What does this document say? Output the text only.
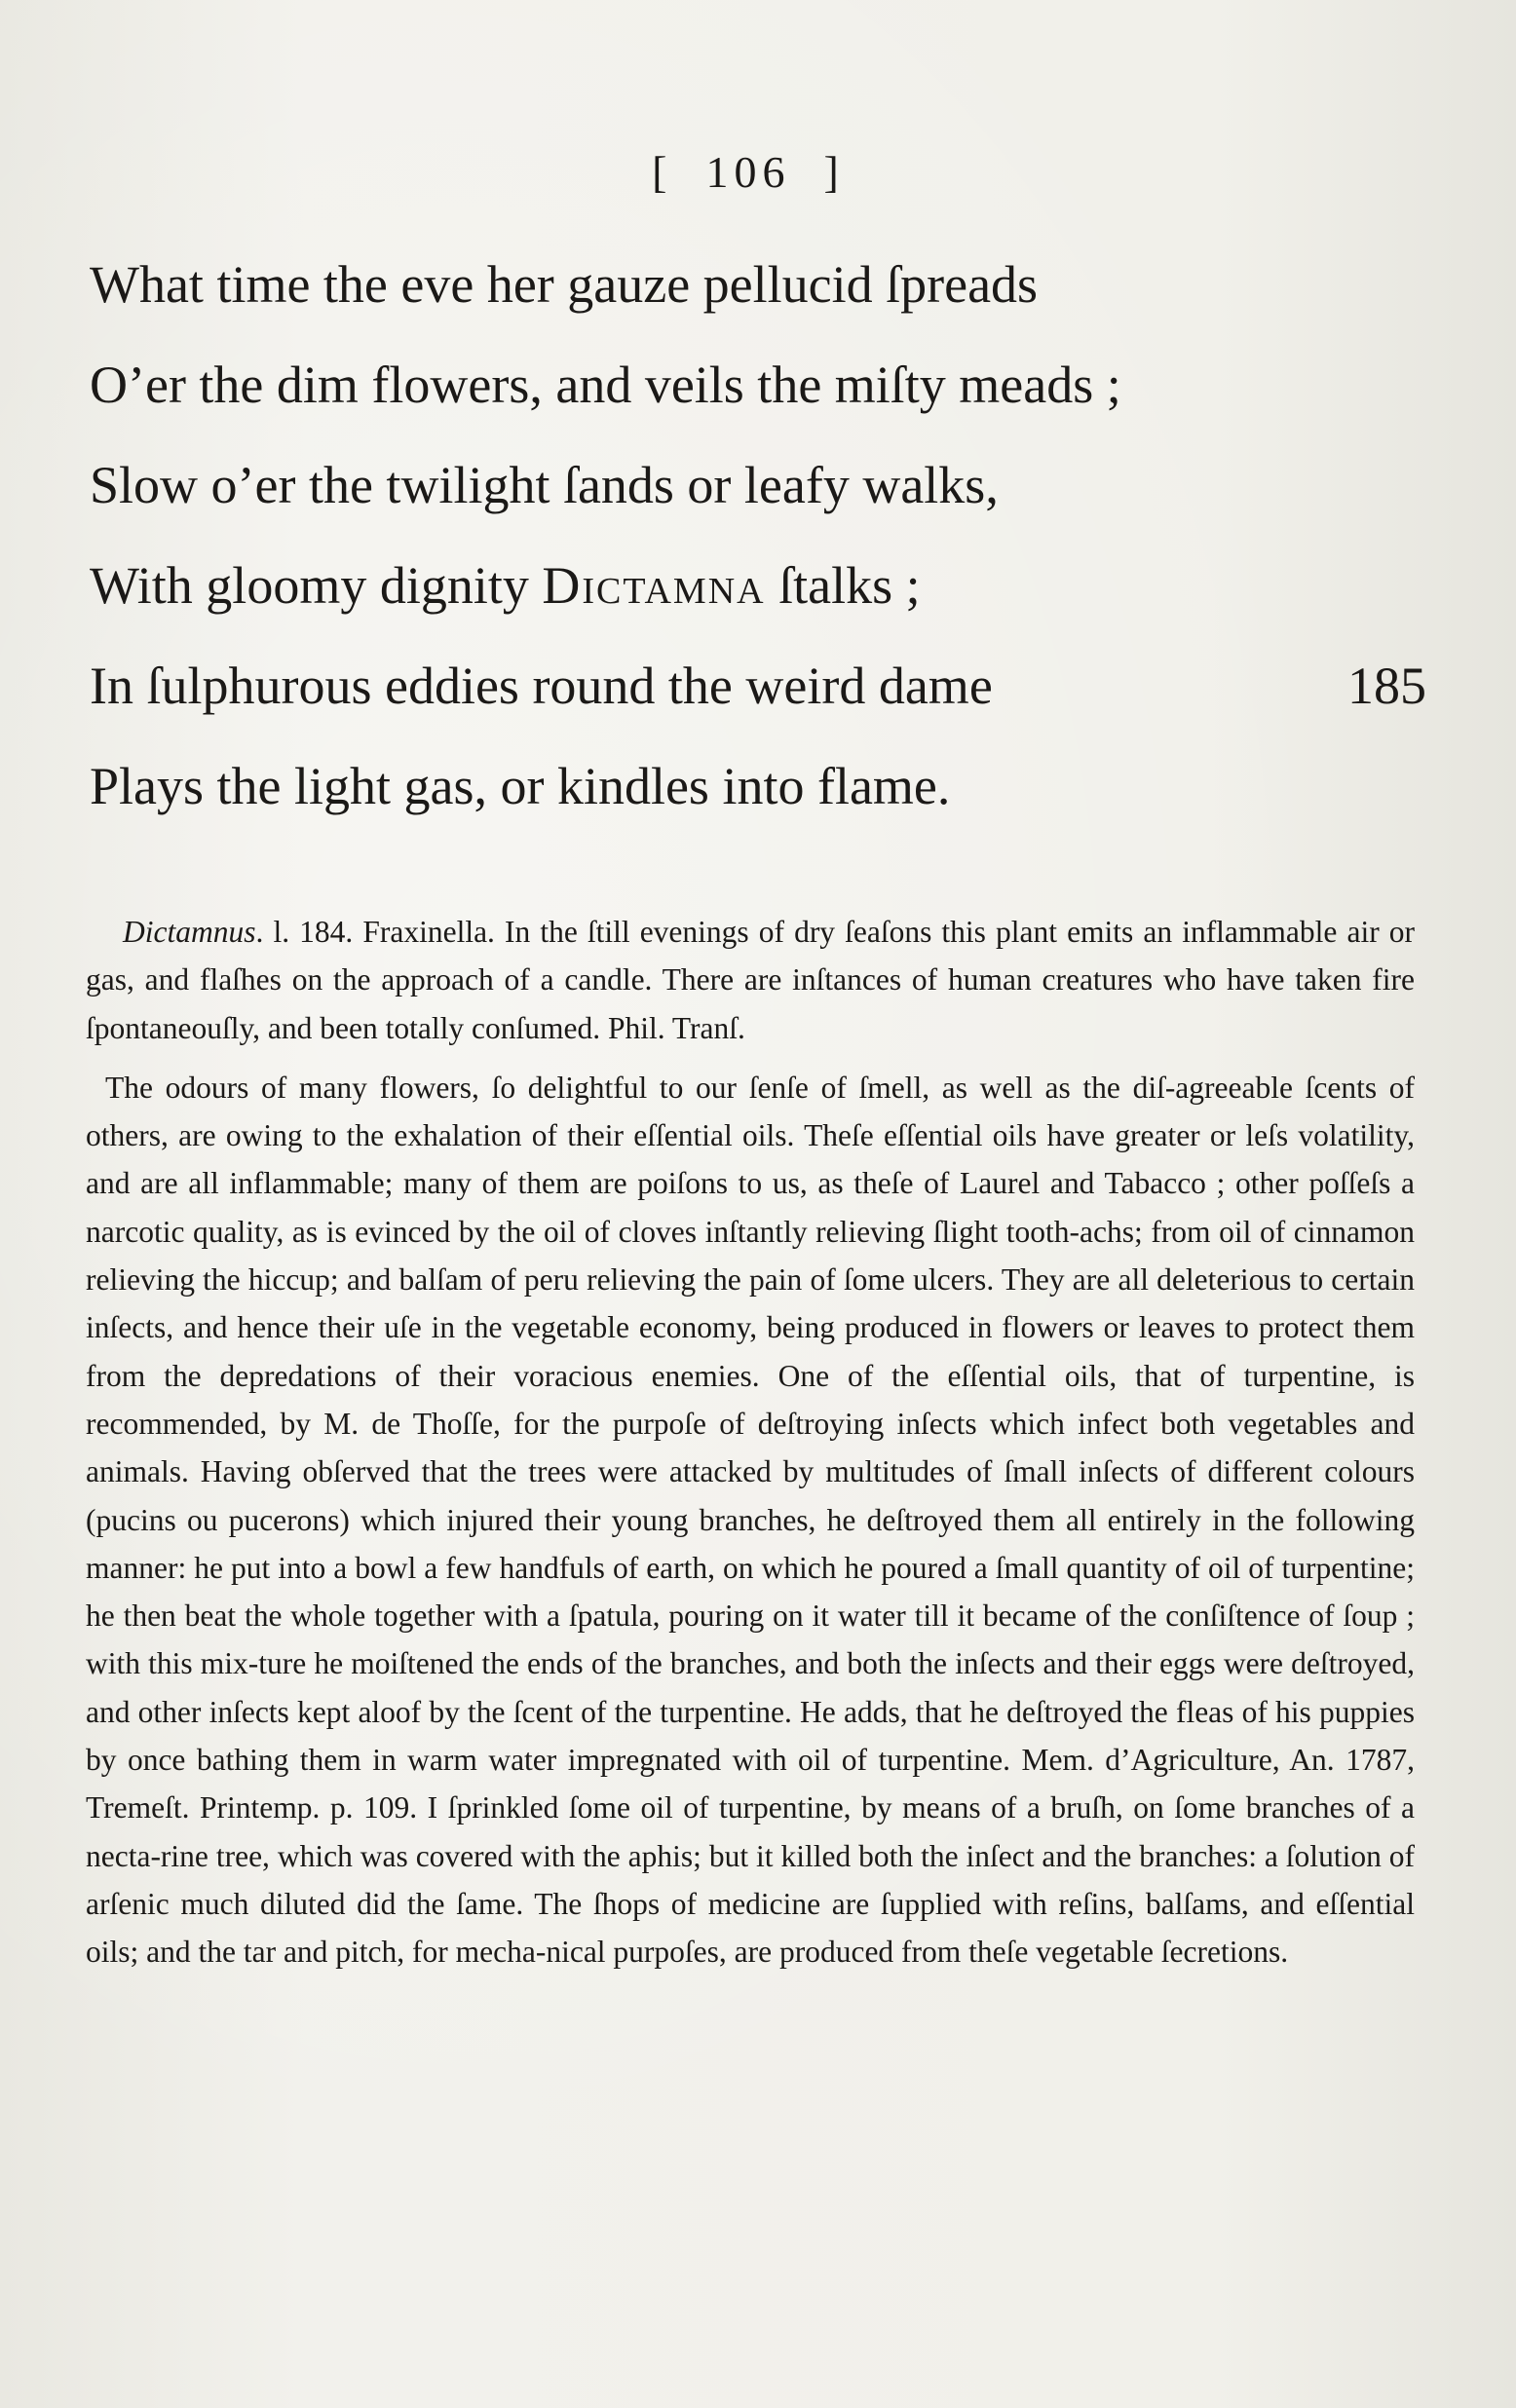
[ 106 ]
What time the eve her gauze pellucid ſpreads
O’er the dim flowers, and veils the miſty meads ;
Slow o’er the twilight ſands or leafy walks,
With gloomy dignity Dictamna ſtalks ;
In ſulphurous eddies round the weird dame	185
Plays the light gas, or kindles into flame.

Dictamnus. l. 184. Fraxinella. In the ſtill evenings of dry ſeaſons this plant emits an inflammable air or gas, and flaſhes on the approach of a candle. There are inſtances of human creatures who have taken fire ſpontaneouſly, and been totally conſumed. Phil. Tranſ.

The odours of many flowers, ſo delightful to our ſenſe of ſmell, as well as the diſ-agreeable ſcents of others, are owing to the exhalation of their eſſential oils. Theſe eſſential oils have greater or leſs volatility, and are all inflammable; many of them are poiſons to us, as theſe of Laurel and Tabacco ; other poſſeſs a narcotic quality, as is evinced by the oil of cloves inſtantly relieving ſlight tooth-achs; from oil of cinnamon relieving the hiccup; and balſam of peru relieving the pain of ſome ulcers. They are all deleterious to certain inſects, and hence their uſe in the vegetable economy, being produced in flowers or leaves to protect them from the depredations of their voracious enemies. One of the eſſential oils, that of turpentine, is recommended, by M. de Thoſſe, for the purpoſe of deſtroying inſects which infect both vegetables and animals. Having obſerved that the trees were attacked by multitudes of ſmall inſects of different colours (pucins ou pucerons) which injured their young branches, he deſtroyed them all entirely in the following manner: he put into a bowl a few handfuls of earth, on which he poured a ſmall quantity of oil of turpentine; he then beat the whole together with a ſpatula, pouring on it water till it became of the conſiſtence of ſoup ; with this mix-ture he moiſtened the ends of the branches, and both the inſects and their eggs were deſtroyed, and other inſects kept aloof by the ſcent of the turpentine. He adds, that he deſtroyed the fleas of his puppies by once bathing them in warm water impregnated with oil of turpentine. Mem. d’Agriculture, An. 1787, Tremeſt. Printemp. p. 109. I ſprinkled ſome oil of turpentine, by means of a bruſh, on ſome branches of a necta-rine tree, which was covered with the aphis; but it killed both the inſect and the branches: a ſolution of arſenic much diluted did the ſame. The ſhops of medicine are ſupplied with reſins, balſams, and eſſential oils; and the tar and pitch, for mecha-nical purpoſes, are produced from theſe vegetable ſecretions.
